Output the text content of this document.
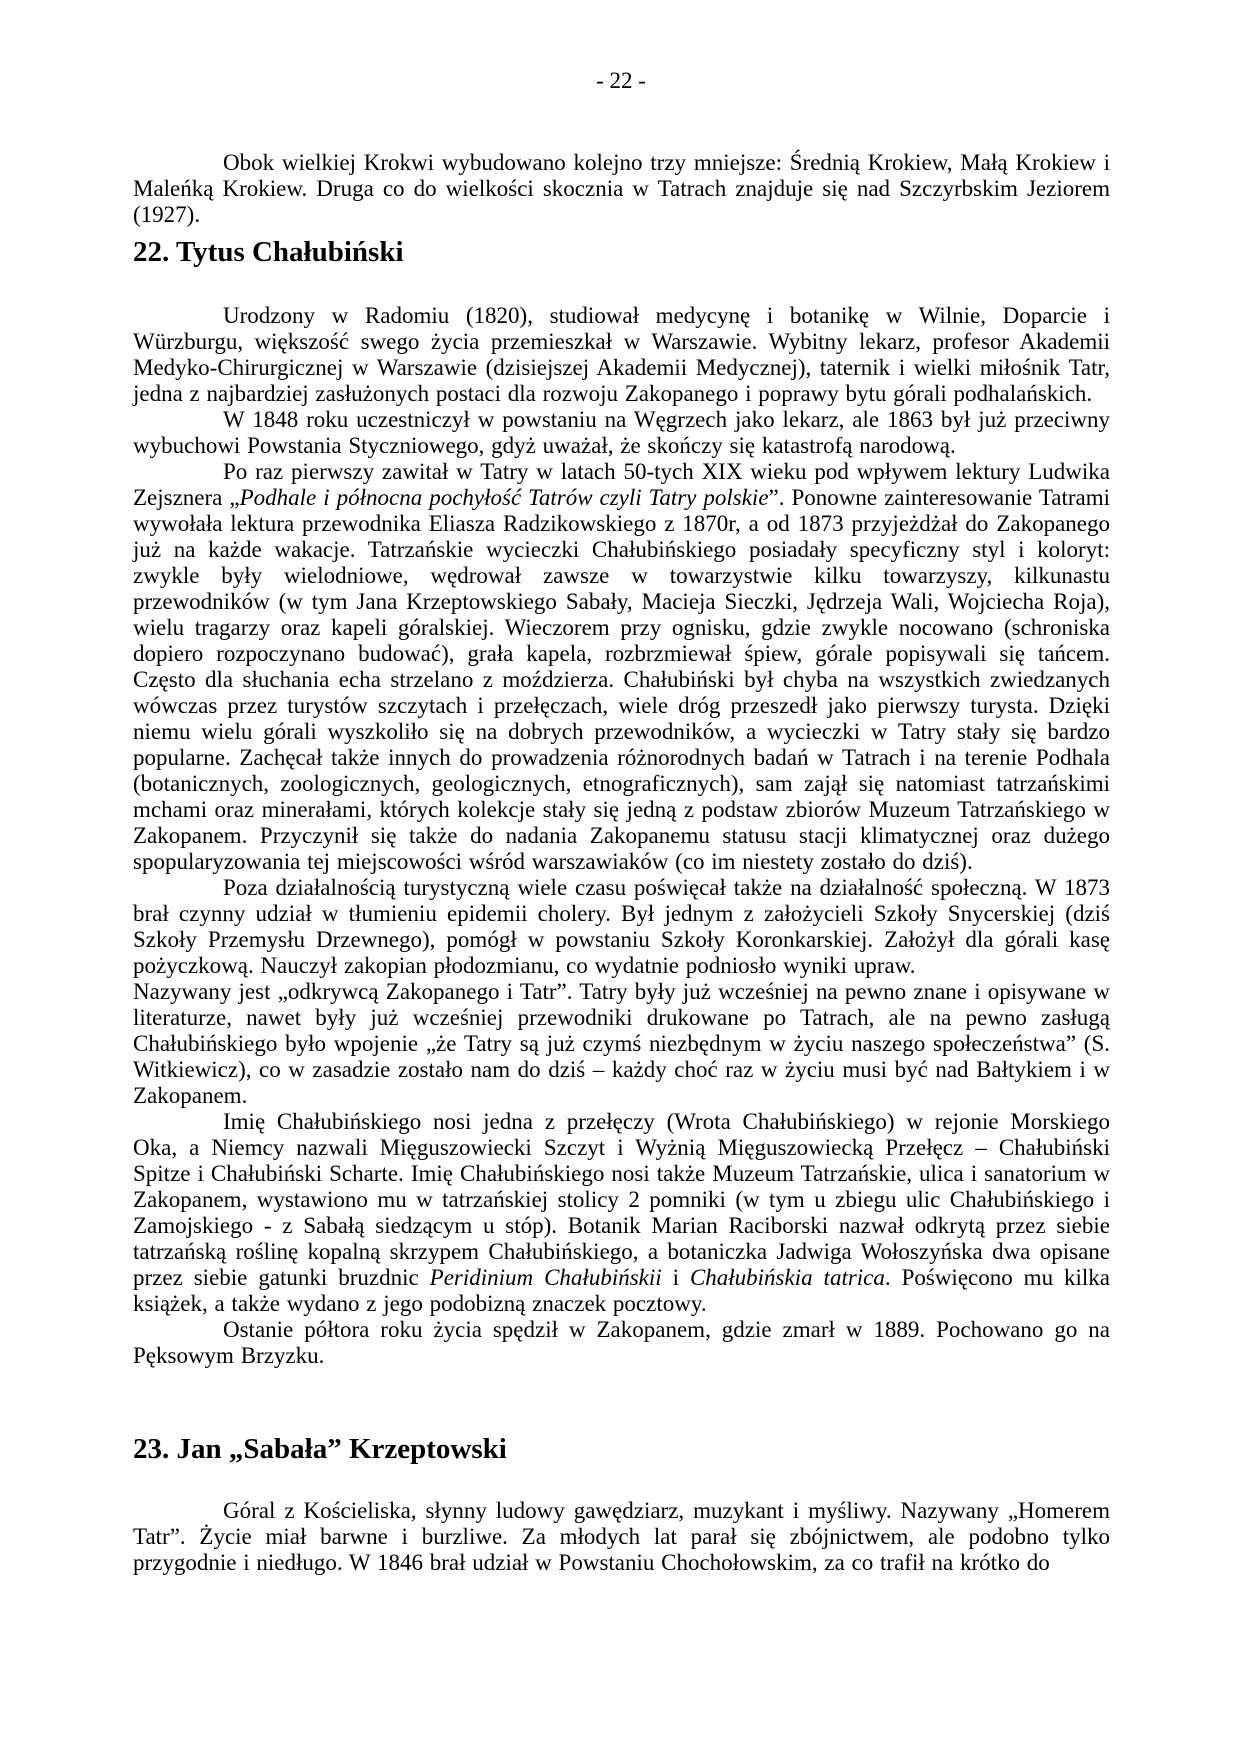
- 22 -

Obok wielkiej Krokwi wybudowano kolejno trzy mniejsze: Średnią Krokiew, Małą Krokiew i Maleńką Krokiew. Druga co do wielkości skocznia w Tatrach znajduje się nad Szczyrbskim Jeziorem (1927).

22. Tytus Chałubiński

Urodzony w Radomiu (1820), studiował medycynę i botanikę w Wilnie, Doparcie i Würzburgu, większość swego życia przemieszkał w Warszawie. Wybitny lekarz, profesor Akademii Medyko-Chirurgicznej w Warszawie (dzisiejszej Akademii Medycznej), taternik i wielki miłośnik Tatr, jedna z najbardziej zasłużonych postaci dla rozwoju Zakopanego i poprawy bytu górali podhalańskich.

W 1848 roku uczestniczył w powstaniu na Węgrzech jako lekarz, ale 1863 był już przeciwny wybuchowi Powstania Styczniowego, gdyż uważał, że skończy się katastrofą narodową.

Po raz pierwszy zawitał w Tatry w latach 50-tych XIX wieku pod wpływem lektury Ludwika Zejsznera „Podhale i północna pochyłość Tatrów czyli Tatry polskie”. Ponowne zainteresowanie Tatrami wywołała lektura przewodnika Eliasza Radzikowskiego z 1870r, a od 1873 przyjeżdżał do Zakopanego już na każde wakacje. Tatrzańskie wycieczki Chałubińskiego posiadały specyficzny styl i koloryt: zwykle były wielodniowe, wędrował zawsze w towarzystwie kilku towarzyszy, kilkunastu przewodników (w tym Jana Krzeptowskiego Sabały, Macieja Sieczki, Jędrzeja Wali, Wojciecha Roja), wielu tragarzy oraz kapeli góralskiej. Wieczorem przy ognisku, gdzie zwykle nocowano (schroniska dopiero rozpoczynano budować), grała kapela, rozbrzmiewał śpiew, górale popisywali się tańcem. Często dla słuchania echa strzelano z moździerza. Chałubiński był chyba na wszystkich zwiedzanych wówczas przez turystów szczytach i przełęczach, wiele dróg przeszedł jako pierwszy turysta. Dzięki niemu wielu górali wyszkoliło się na dobrych przewodników, a wycieczki w Tatry stały się bardzo popularne. Zachęcał także innych do prowadzenia różnorodnych badań w Tatrach i na terenie Podhala (botanicznych, zoologicznych, geologicznych, etnograficznych), sam zajął się natomiast tatrzańskimi mchami oraz minerałami, których kolekcje stały się jedną z podstaw zbiorów Muzeum Tatrzańskiego w Zakopanem. Przyczynił się także do nadania Zakopanemu statusu stacji klimatycznej oraz dużego spopularyzowania tej miejscowości wśród warszawiaków (co im niestety zostało do dziś).

Poza działalnością turystyczną wiele czasu poświęcał także na działalność społeczną. W 1873 brał czynny udział w tłumieniu epidemii cholery. Był jednym z założycieli Szkoły Snycerskiej (dziś Szkoły Przemysłu Drzewnego), pomógł w powstaniu Szkoły Koronkarskiej. Założył dla górali kasę pożyczkową. Nauczył zakopian płodozmianu, co wydatnie podniosło wyniki upraw.

Nazywany jest „odkrywcą Zakopanego i Tatr”. Tatry były już wcześniej na pewno znane i opisywane w literaturze, nawet były już wcześniej przewodniki drukowane po Tatrach, ale na pewno zasługą Chałubińskiego było wpojenie „że Tatry są już czymś niezbędnym w życiu naszego społeczeństwa” (S. Witkiewicz), co w zasadzie zostało nam do dziś – każdy choć raz w życiu musi być nad Bałtykiem i w Zakopanem.

Imię Chałubińskiego nosi jedna z przełęczy (Wrota Chałubińskiego) w rejonie Morskiego Oka, a Niemcy nazwali Mięguszowiecki Szczyt i Wyżnią Mięguszowiecką Przełęcz – Chałubiński Spitze i Chałubiński Scharte. Imię Chałubińskiego nosi także Muzeum Tatrzańskie, ulica i sanatorium w Zakopanem, wystawiono mu w tatrzańskiej stolicy 2 pomniki (w tym u zbiegu ulic Chałubińskiego i Zamojskiego - z Sabałą siedzącym u stóp). Botanik Marian Raciborski nazwał odkrytą przez siebie tatrzańską roślinę kopalną skrzypem Chałubińskiego, a botaniczka Jadwiga Wołoszyńska dwa opisane przez siebie gatunki bruzdnic Peridinium Chałubińskii i Chałubińskia tatrica. Poświęcono mu kilka książek, a także wydano z jego podobizną znaczek pocztowy.

Ostanie półtora roku życia spędził w Zakopanem, gdzie zmarł w 1889. Pochowano go na Pęksowym Brzyzku.

23. Jan „Sabała” Krzeptowski

Góral z Kościeliska, słynny ludowy gawędziarz, muzykant i myśliwy. Nazywany „Homerem Tatr”. Życie miał barwne i burzliwe. Za młodych lat parał się zbójnictwem, ale podobno tylko przygodnie i niedługo. W 1846 brał udział w Powstaniu Chochołowskim, za co trafił na krótko do
